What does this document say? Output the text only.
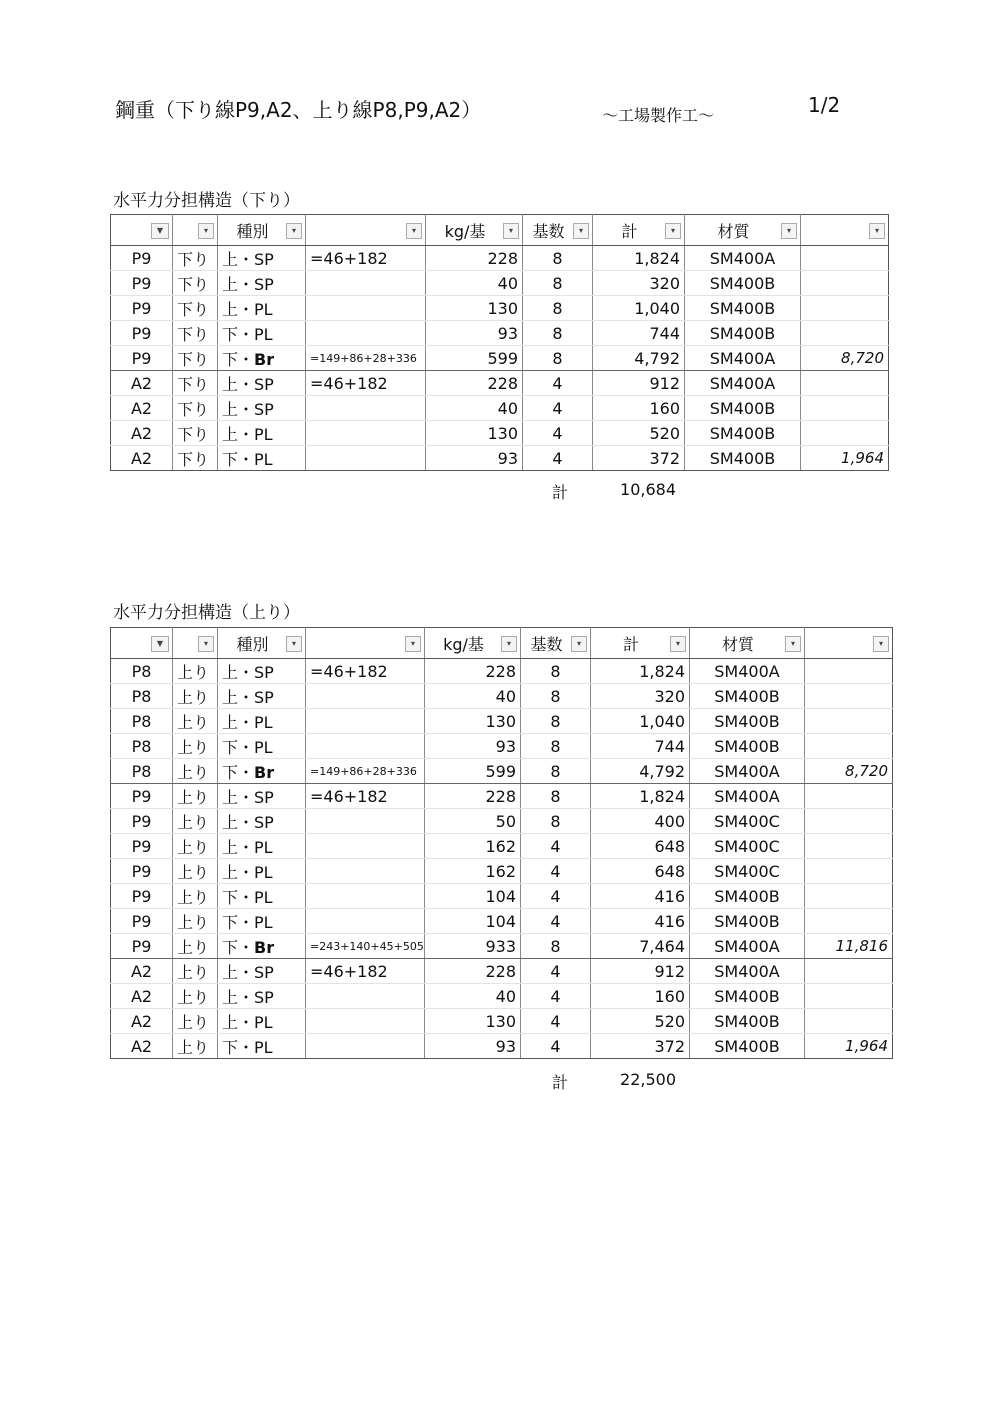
鋼重（下り線P9,A2、上り線P8,P9,A2）	～工場製作工～	1/2
水平力分担構造（下り）
▼	▾	種別 ▾	▾	kg/基 ▾	基数 ▾	計 ▾	材質 ▾	▾

P9	下り	上・SP	=46+182	228	8	1,824	SM400A	
P9	下り	上・SP		40	8	320	SM400B	
P9	下り	上・PL		130	8	1,040	SM400B	
P9	下り	下・PL		93	8	744	SM400B	
P9	下り	下・Br	=149+86+28+336	599	8	4,792	SM400A	8,720
A2	下り	上・SP	=46+182	228	4	912	SM400A	
A2	下り	上・SP		40	4	160	SM400B	
A2	下り	上・PL		130	4	520	SM400B	
A2	下り	下・PL		93	4	372	SM400B	1,964
計	10,684
水平力分担構造（上り）
▼	▾	種別 ▾	▾	kg/基 ▾	基数 ▾	計 ▾	材質 ▾	▾

P8	上り	上・SP	=46+182	228	8	1,824	SM400A	
P8	上り	上・SP		40	8	320	SM400B	
P8	上り	上・PL		130	8	1,040	SM400B	
P8	上り	下・PL		93	8	744	SM400B	
P8	上り	下・Br	=149+86+28+336	599	8	4,792	SM400A	8,720
P9	上り	上・SP	=46+182	228	8	1,824	SM400A	
P9	上り	上・SP		50	8	400	SM400C	
P9	上り	上・PL		162	4	648	SM400C	
P9	上り	上・PL		162	4	648	SM400C	
P9	上り	下・PL		104	4	416	SM400B	
P9	上り	下・PL		104	4	416	SM400B	
P9	上り	下・Br	=243+140+45+505	933	8	7,464	SM400A	11,816
A2	上り	上・SP	=46+182	228	4	912	SM400A	
A2	上り	上・SP		40	4	160	SM400B	
A2	上り	上・PL		130	4	520	SM400B	
A2	上り	下・PL		93	4	372	SM400B	1,964
計	22,500
